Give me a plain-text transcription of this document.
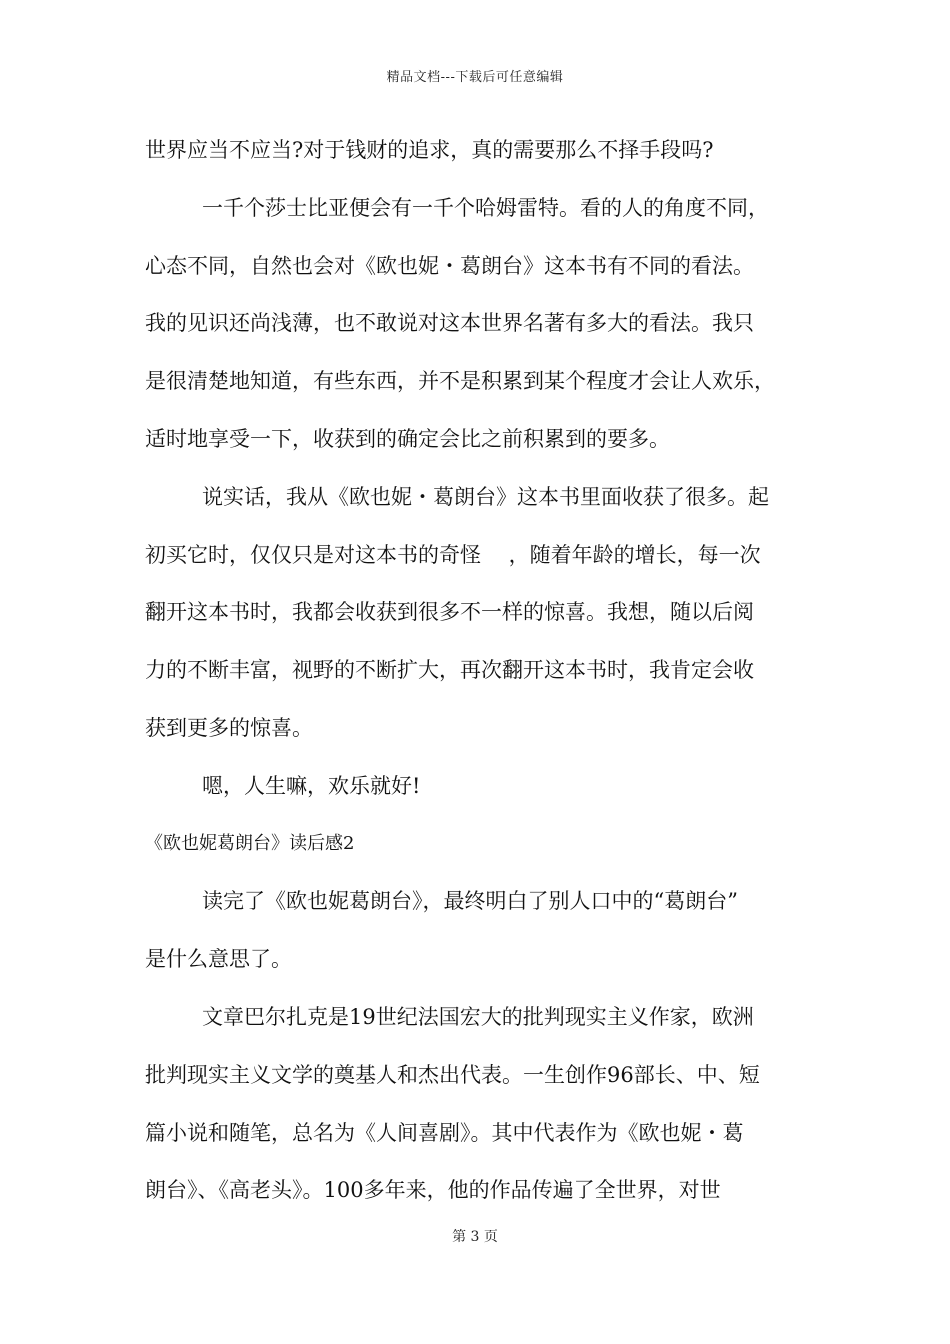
精品文档---下载后可任意编辑
世界应当不应当?对于钱财的追求，真的需要那么不择手段吗?
一千个莎士比亚便会有一千个哈姆雷特。看的人的角度不同，
心态不同，自然也会对《欧也妮・葛朗台》这本书有不同的看法。
我的见识还尚浅薄，也不敢说对这本世界名著有多大的看法。我只
是很清楚地知道，有些东西，并不是积累到某个程度才会让人欢乐，
适时地享受一下，收获到的确定会比之前积累到的要多。
说实话，我从《欧也妮・葛朗台》这本书里面收获了很多。起
初买它时，仅仅只是对这本书的奇怪　 ，随着年龄的增长，每一次
翻开这本书时，我都会收获到很多不一样的惊喜。我想，随以后阅
力的不断丰富，视野的不断扩大，再次翻开这本书时，我肯定会收
获到更多的惊喜。
嗯，人生嘛，欢乐就好!
《欧也妮葛朗台》读后感2
读完了《欧也妮葛朗台》，最终明白了别人口中的“葛朗台”
是什么意思了。
文章巴尔扎克是19世纪法国宏大的批判现实主义作家，欧洲
批判现实主义文学的奠基人和杰出代表。一生创作96部长、中、短
篇小说和随笔，总名为《人间喜剧》。其中代表作为《欧也妮・葛
朗台》、《高老头》。100多年来，他的作品传遍了全世界，对世
第 3 页
